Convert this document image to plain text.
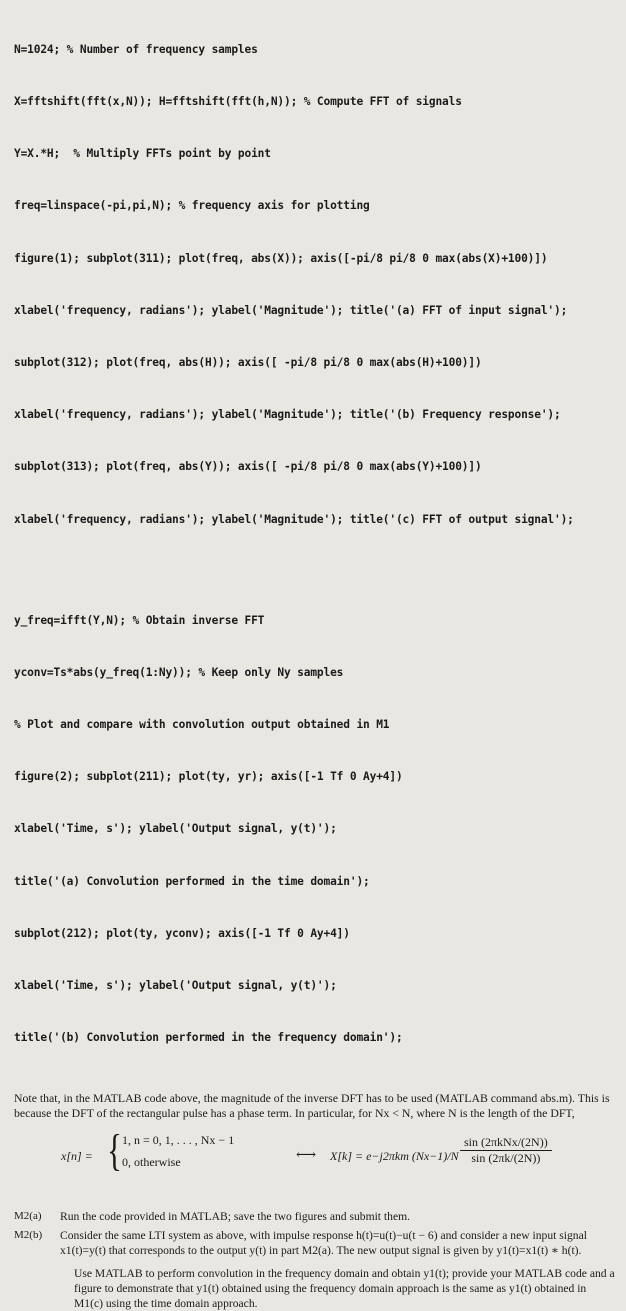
N=1024; % Number of frequency samples

X=fftshift(fft(x,N)); H=fftshift(fft(h,N)); % Compute FFT of signals

Y=X.*H;  % Multiply FFTs point by point

freq=linspace(-pi,pi,N); % frequency axis for plotting

figure(1); subplot(311); plot(freq, abs(X)); axis([-pi/8 pi/8 0 max(abs(X)+100)])

xlabel('frequency, radians'); ylabel('Magnitude'); title('(a) FFT of input signal');

subplot(312); plot(freq, abs(H)); axis([ -pi/8 pi/8 0 max(abs(H)+100)])

xlabel('frequency, radians'); ylabel('Magnitude'); title('(b) Frequency response');

subplot(313); plot(freq, abs(Y)); axis([ -pi/8 pi/8 0 max(abs(Y)+100)])

xlabel('frequency, radians'); ylabel('Magnitude'); title('(c) FFT of output signal');

y_freq=ifft(Y,N); % Obtain inverse FFT

yconv=Ts*abs(y_freq(1:Ny)); % Keep only Ny samples

% Plot and compare with convolution output obtained in M1

figure(2); subplot(211); plot(ty, yr); axis([-1 Tf 0 Ay+4])

xlabel('Time, s'); ylabel('Output signal, y(t)');

title('(a) Convolution performed in the time domain');

subplot(212); plot(ty, yconv); axis([-1 Tf 0 Ay+4])

xlabel('Time, s'); ylabel('Output signal, y(t)');

title('(b) Convolution performed in the frequency domain');

Note that, in the MATLAB code above, the magnitude of the inverse DFT has to be used (MATLAB command abs.m). This is because the DFT of the rectangular pulse has a phase term. In particular, for Nx < N, where N is the length of the DFT,

x[n] = { 1, n = 0, 1, . . . , Nx − 1
0, otherwise	⟷ X[k] = e−j2πkm (Nx−1)/N
sin (2πkNx/(2N))
sin (2πk/(2N))
M2(a)	Run the code provided in MATLAB; save the two figures and submit them.
M2(b)	Consider the same LTI system as above, with impulse response h(t)=u(t)−u(t − 6) and consider a new input signal x1(t)=y(t) that corresponds to the output y(t) in part M2(a). The new output signal is given by y1(t)=x1(t) ∗ h(t).
Use MATLAB to perform convolution in the frequency domain and obtain y1(t); provide your MATLAB code and a figure to demonstrate that y1(t) obtained using the frequency domain approach is the same as y1(t) obtained in M1(c) using the time domain approach.
